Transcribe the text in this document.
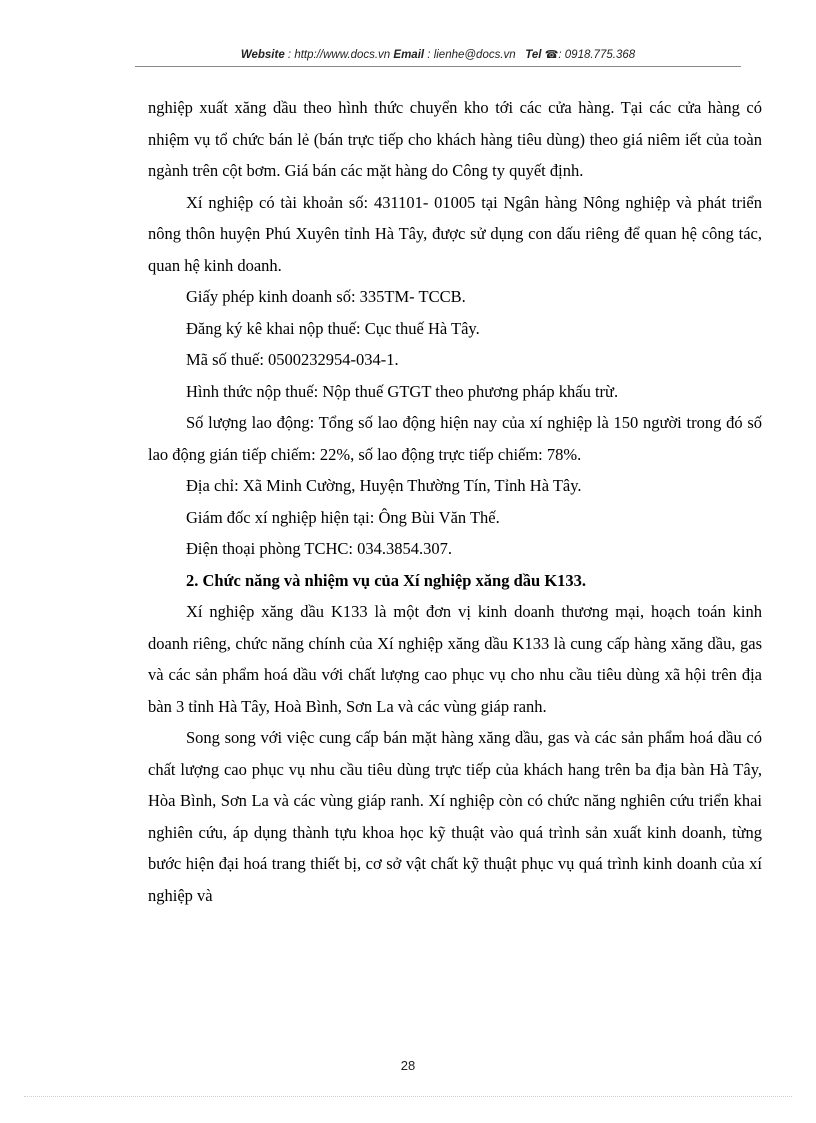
Website : http://www.docs.vn Email : lienhe@docs.vn Tel ☎: 0918.775.368

nghiệp xuất xăng dầu theo hình thức chuyển kho tới các cửa hàng. Tại các cửa hàng có nhiệm vụ tổ chức bán lẻ (bán trực tiếp cho khách hàng tiêu dùng) theo giá niêm iết của toàn ngành trên cột bơm. Giá bán các mặt hàng do Công ty quyết định.

Xí nghiệp có tài khoản số: 431101- 01005 tại Ngân hàng Nông nghiệp và phát triển nông thôn huyện Phú Xuyên tỉnh Hà Tây, được sử dụng con dấu riêng để quan hệ công tác, quan hệ kinh doanh.

Giấy phép kinh doanh số: 335TM- TCCB.

Đăng ký kê khai nộp thuế: Cục thuế Hà Tây.

Mã số thuế: 0500232954-034-1.

Hình thức nộp thuế: Nộp thuế GTGT theo phương pháp khấu trừ.

Số lượng lao động: Tổng số lao động hiện nay của xí nghiệp là 150 người trong đó số lao động gián tiếp chiếm: 22%, số lao động trực tiếp chiếm: 78%.

Địa chỉ: Xã Minh Cường, Huyện Thường Tín, Tỉnh Hà Tây.

Giám đốc xí nghiệp hiện tại: Ông Bùi Văn Thế.

Điện thoại phòng TCHC: 034.3854.307.

2. Chức năng và nhiệm vụ của Xí nghiệp xăng dầu K133.

Xí nghiệp xăng dầu K133 là một đơn vị kinh doanh thương mại, hoạch toán kinh doanh riêng, chức năng chính của Xí nghiệp xăng dầu K133 là cung cấp hàng xăng dầu, gas và các sản phẩm hoá dầu với chất lượng cao phục vụ cho nhu cầu tiêu dùng xã hội trên địa bàn 3 tỉnh Hà Tây, Hoà Bình, Sơn La và các vùng giáp ranh.

Song song với việc cung cấp bán mặt hàng xăng dầu, gas và các sản phẩm hoá dầu có chất lượng cao phục vụ nhu cầu tiêu dùng trực tiếp của khách hang trên ba địa bàn Hà Tây, Hòa Bình, Sơn La và các vùng giáp ranh. Xí nghiệp còn có chức năng nghiên cứu triển khai nghiên cứu, áp dụng thành tựu khoa học kỹ thuật vào quá trình sản xuất kinh doanh, từng bước hiện đại hoá trang thiết bị, cơ sở vật chất kỹ thuật phục vụ quá trình kinh doanh của xí nghiệp và

28
